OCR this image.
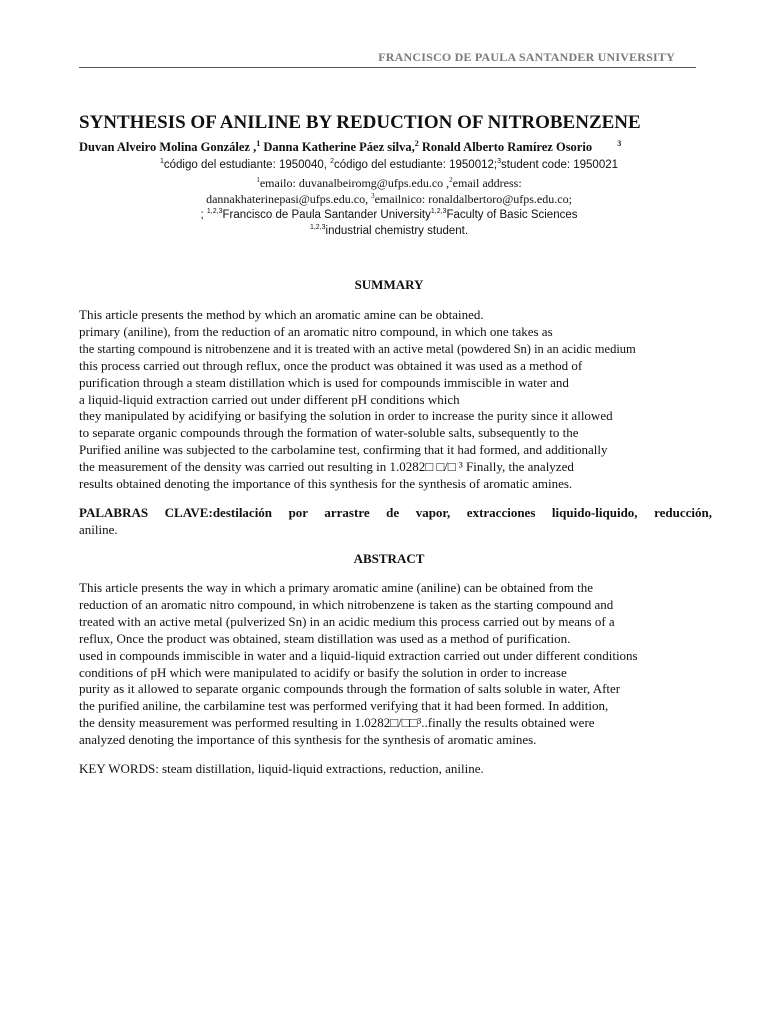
FRANCISCO DE PAULA SANTANDER UNIVERSITY
SYNTHESIS OF ANILINE BY REDUCTION OF NITROBENZENE
Duvan Alveiro Molina González ,$^1$ Danna Katherine Páez silva,$^2$ Ronald Alberto Ramírez Osorio	$^3$
$^1$código del estudiante: 1950040, $^2$código del estudiante: 1950012;$^3$student code: 1950021
$^1$emailo: duvanalbeiromg@ufps.edu.co ,$^2$email address:
dannakhaterinepasi@ufps.edu.co, $^3$emailnico: ronaldalbertoro@ufps.edu.co;
; $^{1,2,3}$Francisco de Paula Santander University$^{1,2,3}$Faculty of Basic Sciences
$^{1,2,3}$industrial chemistry student.
SUMMARY
This article presents the method by which an aromatic amine can be obtained.
primary (aniline), from the reduction of an aromatic nitro compound, in which one takes as
the starting compound is nitrobenzene and it is treated with an active metal (powdered Sn) in an acidic medium
this process carried out through reflux, once the product was obtained it was used as a method of
purification through a steam distillation which is used for compounds immiscible in water and
a liquid-liquid extraction carried out under different pH conditions which
they manipulated by acidifying or basifying the solution in order to increase the purity since it allowed
to separate organic compounds through the formation of water-soluble salts, subsequently to the
Purified aniline was subjected to the carbolamine test, confirming that it had formed, and additionally
the measurement of the density was carried out resulting in 1.0282□ □/□ ³ Finally, the analyzed
results obtained denoting the importance of this synthesis for the synthesis of aromatic amines.
PALABRAS CLAVE:destilación por arrastre de vapor, extracciones liquido-liquido, reducción,
aniline.
ABSTRACT
This article presents the way in which a primary aromatic amine (aniline) can be obtained from the
reduction of an aromatic nitro compound, in which nitrobenzene is taken as the starting compound and
treated with an active metal (pulverized Sn) in an acidic medium this process carried out by means of a
reflux, Once the product was obtained, steam distillation was used as a method of purification.
used in compounds immiscible in water and a liquid-liquid extraction carried out under different conditions
conditions of pH which were manipulated to acidify or basify the solution in order to increase
purity as it allowed to separate organic compounds through the formation of salts soluble in water, After
the purified aniline, the carbilamine test was performed verifying that it had been formed. In addition,
the density measurement was performed resulting in 1.0282□/□□³..finally the results obtained were
analyzed denoting the importance of this synthesis for the synthesis of aromatic amines.
KEY WORDS: steam distillation, liquid-liquid extractions, reduction, aniline.
